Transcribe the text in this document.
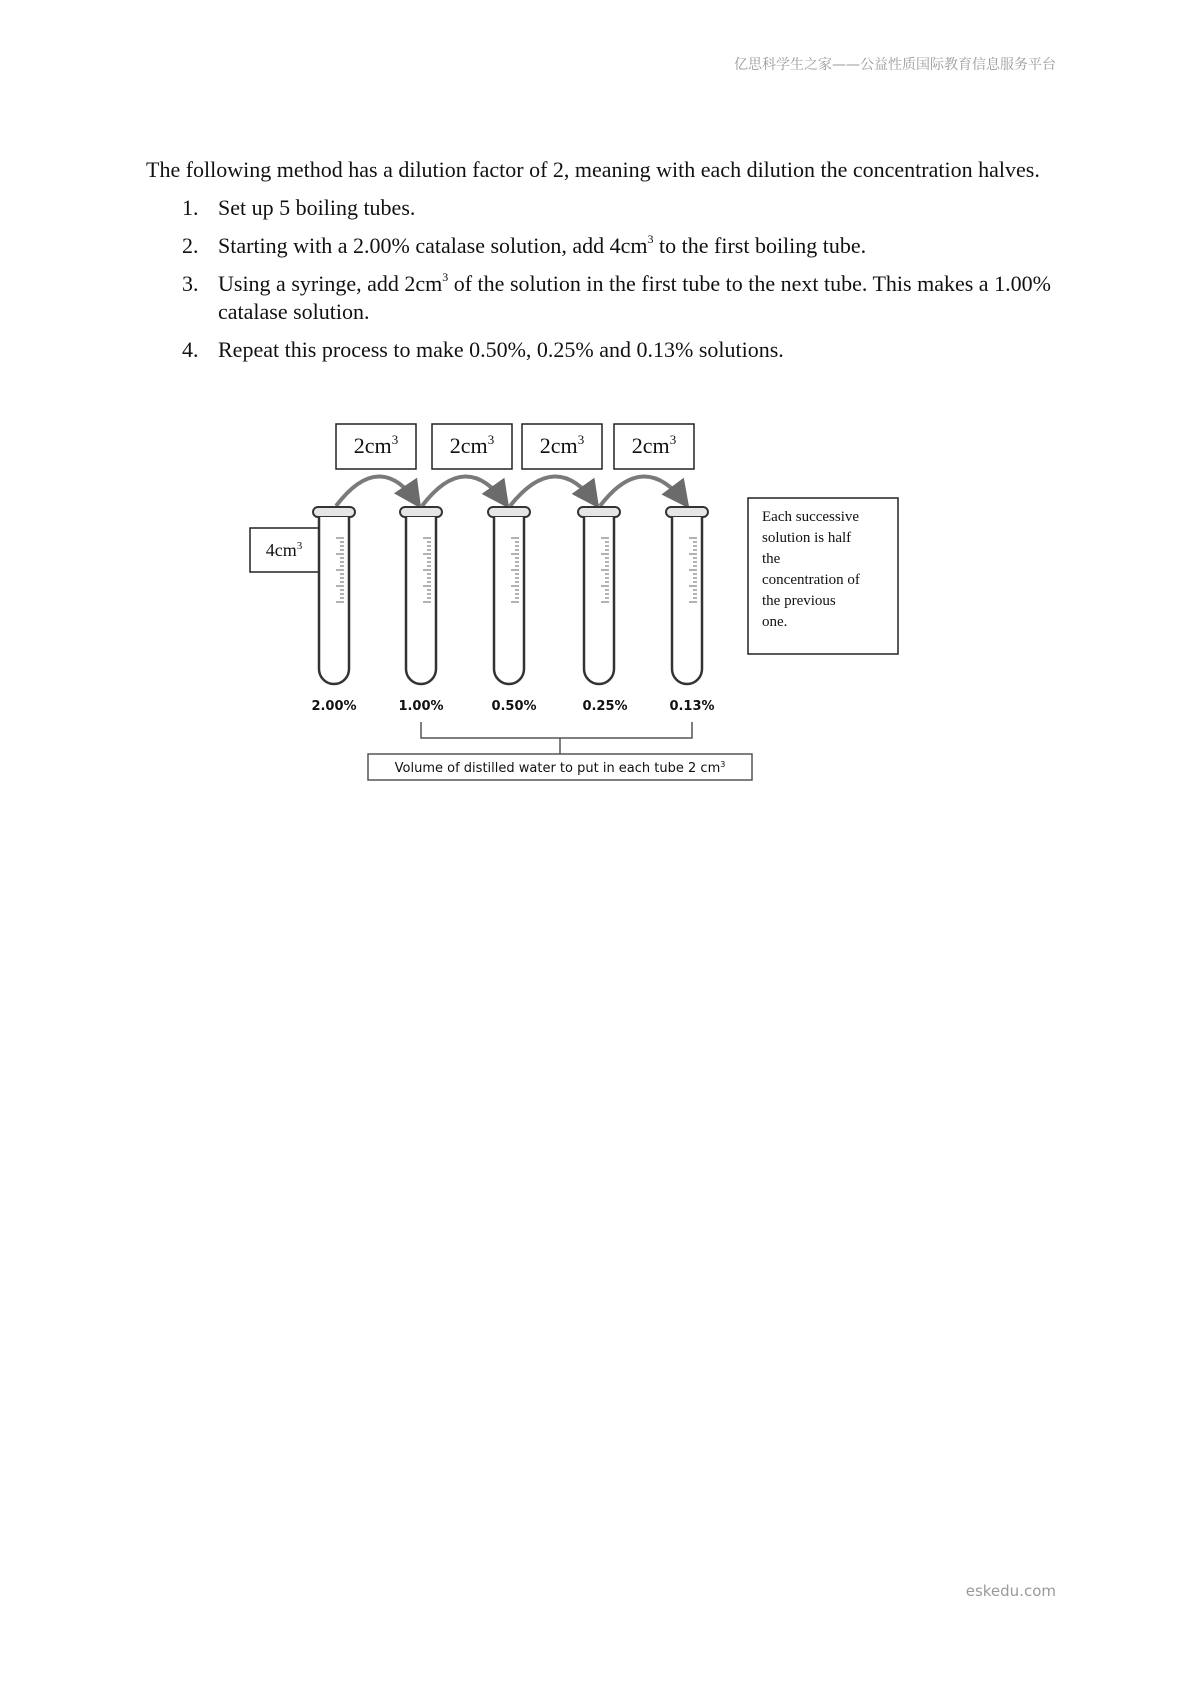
亿思科学生之家——公益性质国际教育信息服务平台

The following method has a dilution factor of 2, meaning with each dilution the concentration halves.

1. Set up 5 boiling tubes.
2. Starting with a 2.00% catalase solution, add $4cm^3$ to the first boiling tube.
3. Using a syringe, add $2cm^3$ of the solution in the first tube to the next tube. This makes a 1.00% catalase solution.
4. Repeat this process to make 0.50%, 0.25% and 0.13% solutions.
$2cm^3$ $2cm^3$ $2cm^3$ $2cm^3$
$4cm^3$
2.00%	1.00%	0.50%	0.25%	0.13%
Volume of distilled water to put in each tube 2 $cm^3$
Each successive
solution is half
the
concentration of
the previous
one.
eskedu.com
